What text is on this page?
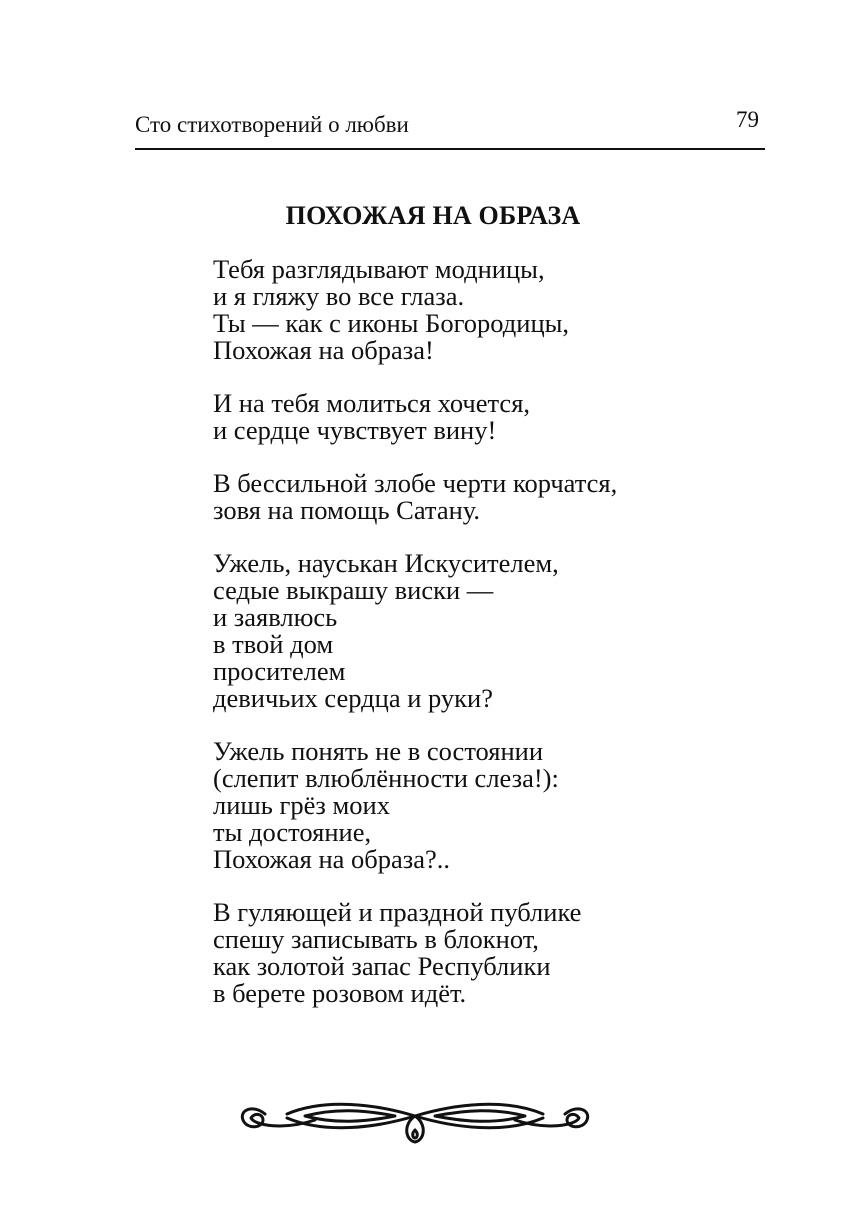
Сто стихотворений о любви	79
ПОХОЖАЯ НА ОБРАЗА
Тебя разглядывают модницы,
и я гляжу во все глаза.
Ты — как с иконы Богородицы,
Похожая на образа!
И на тебя молиться хочется,
и сердце чувствует вину!
В бессильной злобе черти корчатся,
зовя на помощь Сатану.
Ужель, науськан Искусителем,
седые выкрашу виски —
и заявлюсь
в твой дом
просителем
девичьих сердца и руки?
Ужель понять не в состоянии
(слепит влюблённости слеза!):
лишь грёз моих
ты достояние,
Похожая на образа?..
В гуляющей и праздной публике
спешу записывать в блокнот,
как золотой запас Республики
в берете розовом идёт.
